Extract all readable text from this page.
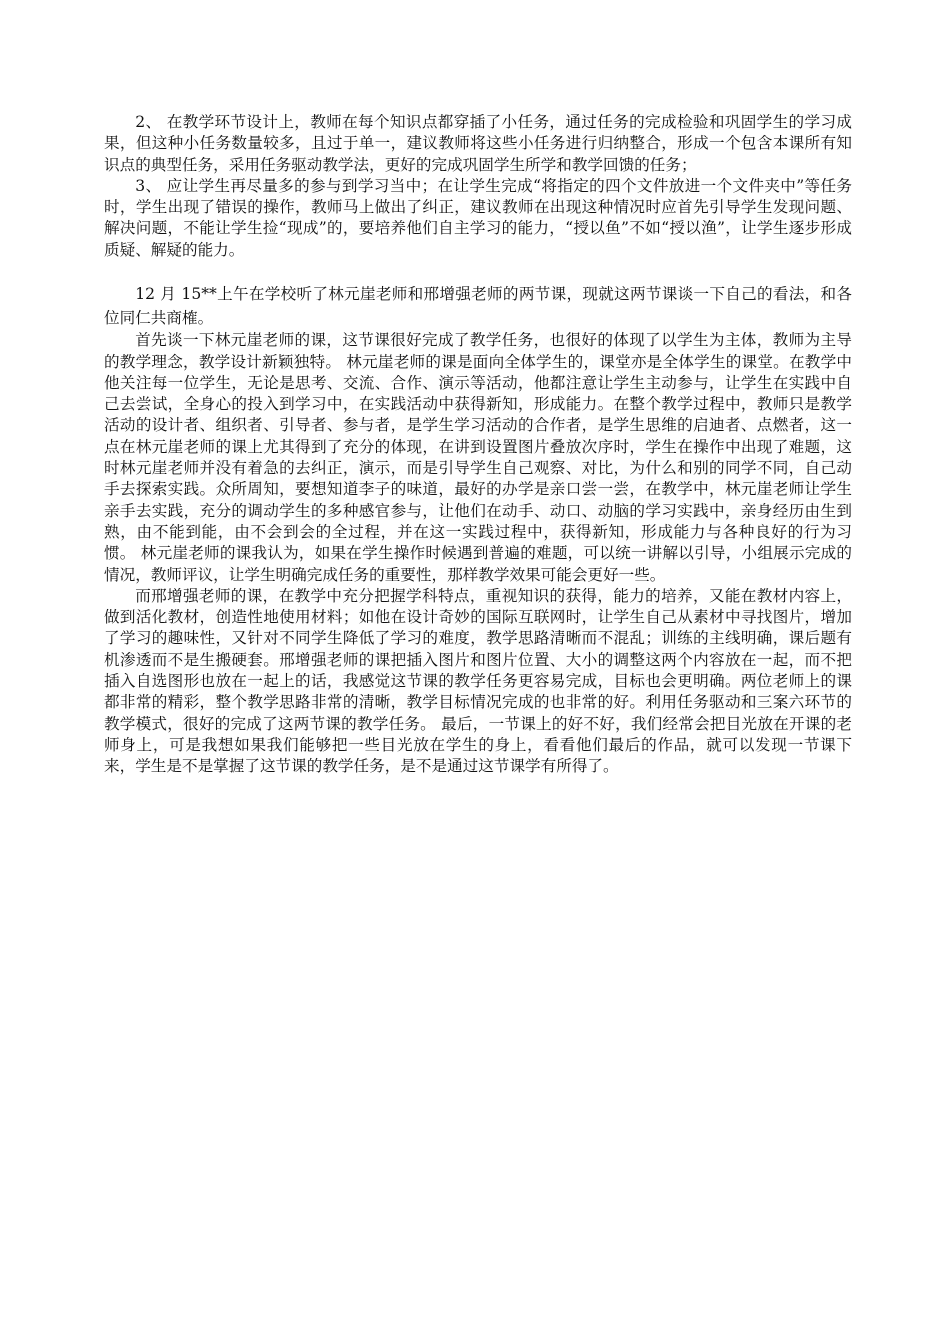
2、 在教学环节设计上，教师在每个知识点都穿插了小任务，通过任务的完成检验和巩固学生的学习成果，但这种小任务数量较多，且过于单一，建议教师将这些小任务进行归纳整合，形成一个包含本课所有知识点的典型任务，采用任务驱动教学法，更好的完成巩固学生所学和教学回馈的任务；

3、 应让学生再尽量多的参与到学习当中；在让学生完成“将指定的四个文件放进一个文件夹中”等任务时，学生出现了错误的操作，教师马上做出了纠正，建议教师在出现这种情况时应首先引导学生发现问题、解决问题，不能让学生捡“现成”的，要培养他们自主学习的能力，“授以鱼”不如“授以渔”，让学生逐步形成质疑、解疑的能力。

12 月 15**上午在学校听了林元崖老师和邢增强老师的两节课，现就这两节课谈一下自己的看法，和各位同仁共商榷。

首先谈一下林元崖老师的课，这节课很好完成了教学任务，也很好的体现了以学生为主体，教师为主导的教学理念，教学设计新颖独特。 林元崖老师的课是面向全体学生的，课堂亦是全体学生的课堂。在教学中他关注每一位学生，无论是思考、交流、合作、演示等活动，他都注意让学生主动参与，让学生在实践中自己去尝试，全身心的投入到学习中，在实践活动中获得新知，形成能力。在整个教学过程中，教师只是教学活动的设计者、组织者、引导者、参与者，是学生学习活动的合作者，是学生思维的启迪者、点燃者，这一点在林元崖老师的课上尤其得到了充分的体现，在讲到设置图片叠放次序时，学生在操作中出现了难题，这时林元崖老师并没有着急的去纠正，演示，而是引导学生自己观察、对比，为什么和别的同学不同，自己动手去探索实践。众所周知，要想知道李子的味道，最好的办学是亲口尝一尝，在教学中，林元崖老师让学生亲手去实践，充分的调动学生的多种感官参与，让他们在动手、动口、动脑的学习实践中，亲身经历由生到熟，由不能到能，由不会到会的全过程，并在这一实践过程中，获得新知，形成能力与各种良好的行为习惯。 林元崖老师的课我认为，如果在学生操作时候遇到普遍的难题，可以统一讲解以引导，小组展示完成的情况，教师评议，让学生明确完成任务的重要性，那样教学效果可能会更好一些。

而邢增强老师的课，在教学中充分把握学科特点，重视知识的获得，能力的培养，又能在教材内容上，做到活化教材，创造性地使用材料；如他在设计奇妙的国际互联网时，让学生自己从素材中寻找图片，增加了学习的趣味性，又针对不同学生降低了学习的难度，教学思路清晰而不混乱；训练的主线明确，课后题有机渗透而不是生搬硬套。邢增强老师的课把插入图片和图片位置、大小的调整这两个内容放在一起，而不把插入自选图形也放在一起上的话，我感觉这节课的教学任务更容易完成，目标也会更明确。两位老师上的课都非常的精彩，整个教学思路非常的清晰，教学目标情况完成的也非常的好。利用任务驱动和三案六环节的教学模式，很好的完成了这两节课的教学任务。 最后，一节课上的好不好，我们经常会把目光放在开课的老师身上，可是我想如果我们能够把一些目光放在学生的身上，看看他们最后的作品，就可以发现一节课下来，学生是不是掌握了这节课的教学任务，是不是通过这节课学有所得了。
